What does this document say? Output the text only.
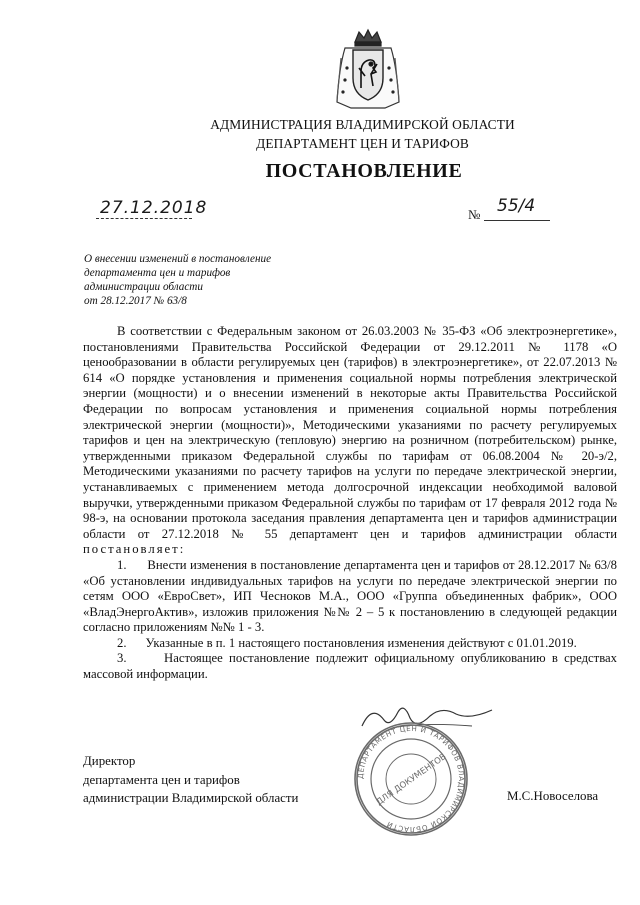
АДМИНИСТРАЦИЯ ВЛАДИМИРСКОЙ ОБЛАСТИ
ДЕПАРТАМЕНТ ЦЕН И ТАРИФОВ
ПОСТАНОВЛЕНИЕ
27.12.2018	№ 55/4
О внесении изменений в постановление
департамента цен и тарифов
администрации области
от 28.12.2017 № 63/8

В соответствии с Федеральным законом от 26.03.2003 № 35-ФЗ «Об электроэнергетике», постановлениями Правительства Российской Федерации от 29.12.2011 № 1178 «О ценообразовании в области регулируемых цен (тарифов) в электроэнергетике», от 22.07.2013 № 614 «О порядке установления и применения социальной нормы потребления электрической энергии (мощности) и о внесении изменений в некоторые акты Правительства Российской Федерации по вопросам установления и применения социальной нормы потребления электрической энергии (мощности)», Методическими указаниями по расчету регулируемых тарифов и цен на электрическую (тепловую) энергию на розничном (потребительском) рынке, утвержденными приказом Федеральной службы по тарифам от 06.08.2004 № 20-э/2, Методическими указаниями по расчету тарифов на услуги по передаче электрической энергии, устанавливаемых с применением метода долгосрочной индексации необходимой валовой выручки, утвержденными приказом Федеральной службы по тарифам от 17 февраля 2012 года № 98-э, на основании протокола заседания правления департамента цен и тарифов администрации области от 27.12.2018 № 55 департамент цен и тарифов администрации области постановляет:

1. Внести изменения в постановление департамента цен и тарифов от 28.12.2017 № 63/8 «Об установлении индивидуальных тарифов на услуги по передаче электрической энергии по сетям ООО «ЕвроСвет», ИП Чесноков М.А., ООО «Группа объединенных фабрик», ООО «ВладЭнергоАктив», изложив приложения №№ 2 – 5 к постановлению в следующей редакции согласно приложениям №№ 1 - 3.

2. Указанные в п. 1 настоящего постановления изменения действуют с 01.01.2019.

3.	Настоящее постановление подлежит официальному опубликованию в средствах массовой информации.

Директор
департамента цен и тарифов
администрации Владимирской области	М.С.Новоселова
ДЕПАРТАМЕНТ ЦЕН И ТАРИФОВ ВЛАДИМИРСКОЙ ОБЛАСТИ
ДЛЯ ДОКУМЕНТОВ
